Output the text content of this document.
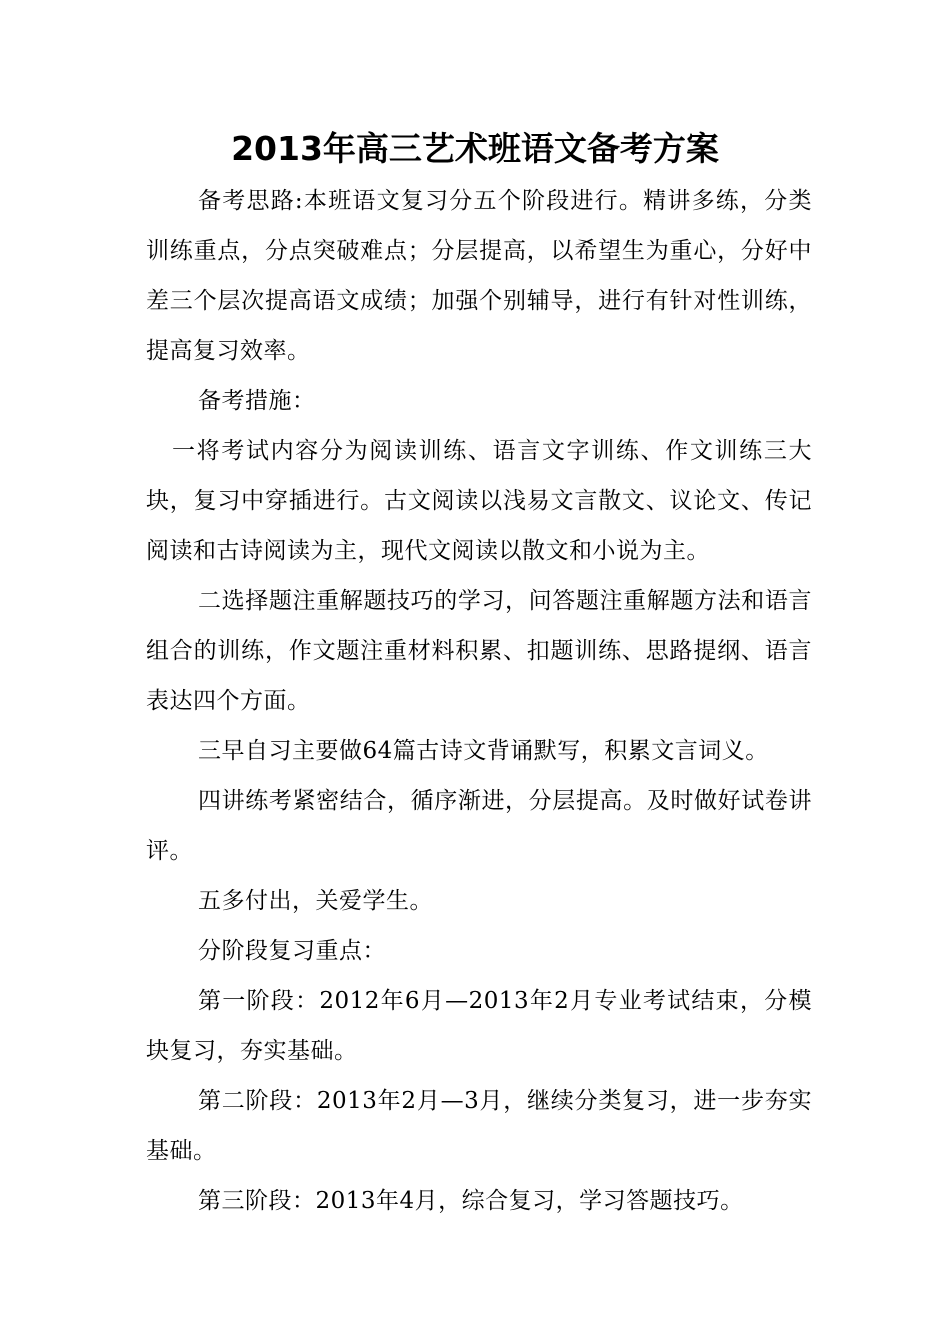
2013年高三艺术班语文备考方案

备考思路:本班语文复习分五个阶段进行。精讲多练，分类训练重点，分点突破难点；分层提高，以希望生为重心，分好中差三个层次提高语文成绩；加强个别辅导，进行有针对性训练，提高复习效率。

备考措施：

一将考试内容分为阅读训练、语言文字训练、作文训练三大块，复习中穿插进行。古文阅读以浅易文言散文、议论文、传记阅读和古诗阅读为主，现代文阅读以散文和小说为主。

二选择题注重解题技巧的学习，问答题注重解题方法和语言组合的训练，作文题注重材料积累、扣题训练、思路提纲、语言表达四个方面。

三早自习主要做64篇古诗文背诵默写，积累文言词义。

四讲练考紧密结合，循序渐进，分层提高。及时做好试卷讲评。

五多付出，关爱学生。

分阶段复习重点：

第一阶段：2012年6月—2013年2月专业考试结束，分模块复习，夯实基础。

第二阶段：2013年2月—3月，继续分类复习，进一步夯实基础。

第三阶段：2013年4月，综合复习，学习答题技巧。
